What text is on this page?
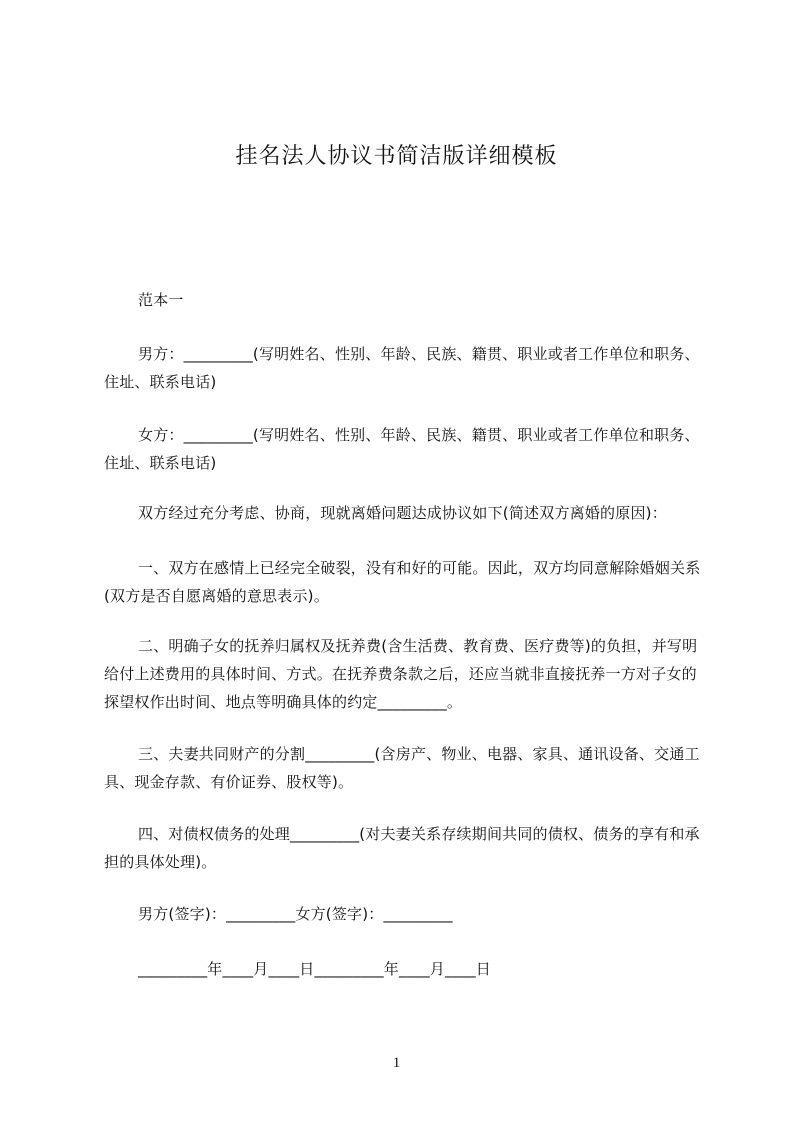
挂名法人协议书简洁版详细模板
范本一
男方：_________(写明姓名、性别、年龄、民族、籍贯、职业或者工作单位和职务、住址、联系电话)
女方：_________(写明姓名、性别、年龄、民族、籍贯、职业或者工作单位和职务、住址、联系电话)
双方经过充分考虑、协商，现就离婚问题达成协议如下(简述双方离婚的原因)：
一、双方在感情上已经完全破裂，没有和好的可能。因此，双方均同意解除婚姻关系(双方是否自愿离婚的意思表示)。
二、明确子女的抚养归属权及抚养费(含生活费、教育费、医疗费等)的负担，并写明给付上述费用的具体时间、方式。在抚养费条款之后，还应当就非直接抚养一方对子女的探望权作出时间、地点等明确具体的约定_________。
三、夫妻共同财产的分割_________(含房产、物业、电器、家具、通讯设备、交通工具、现金存款、有价证券、股权等)。
四、对债权债务的处理_________(对夫妻关系存续期间共同的债权、债务的享有和承担的具体处理)。
男方(签字)：_________女方(签字)：_________
_________年____月____日_________年____月____日
1
